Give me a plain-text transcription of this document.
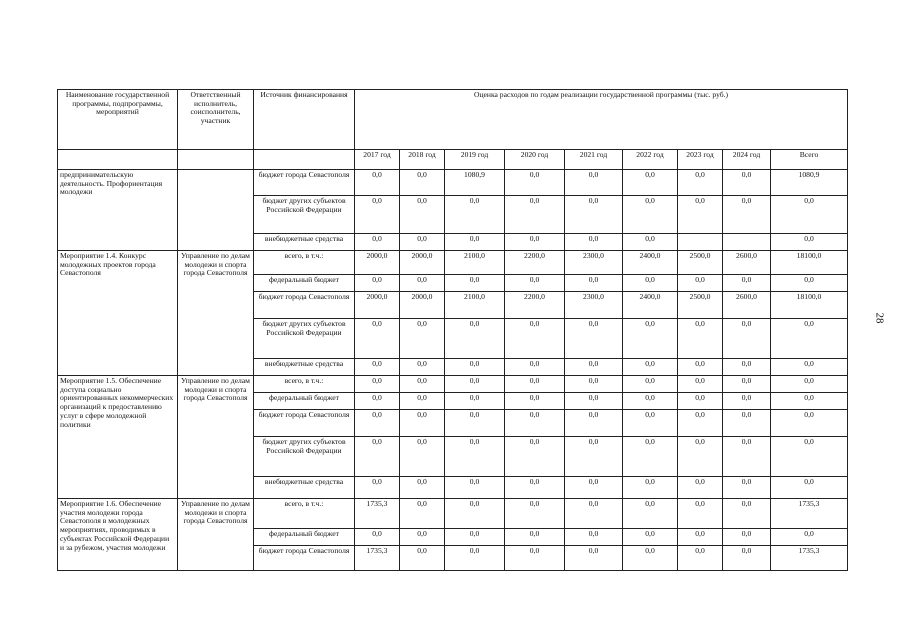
Наименование государственной программы, подпрограммы, мероприятий	Ответственный исполнитель, соисполнитель, участник	Источник финансирования	Оценка расходов по годам реализации государственной программы (тыс. руб.)								
			2017 год	2018 год	2019 год	2020 год	2021 год	2022 год	2023 год	2024 год	Всего
предпринимательскую деятельность. Профориентация молодежи		бюджет города Севастополя	0,0	0,0	1080,9	0,0	0,0	0,0	0,0	0,0	1080,9
		бюджет других субъектов Российской Федерации	0,0	0,0	0,0	0,0	0,0	0,0	0,0	0,0	0,0
		внебюджетные средства	0,0	0,0	0,0	0,0	0,0	0,0			0,0
Мероприятие 1.4. Конкурс молодежных проектов города Севастополя	Управление по делам молодежи и спорта города Севастополя	всего, в т.ч.:	2000,0	2000,0	2100,0	2200,0	2300,0	2400,0	2500,0	2600,0	18100,0
		федеральный бюджет	0,0	0,0	0,0	0,0	0,0	0,0	0,0	0,0	0,0
		бюджет города Севастополя	2000,0	2000,0	2100,0	2200,0	2300,0	2400,0	2500,0	2600,0	18100,0
		бюджет других субъектов Российской Федерации	0,0	0,0	0,0	0,0	0,0	0,0	0,0	0,0	0,0
		внебюджетные средства	0,0	0,0	0,0	0,0	0,0	0,0	0,0	0,0	0,0
Мероприятие 1.5. Обеспечение доступа социально ориентированных некоммерческих организаций к предоставлению услуг в сфере молодежной политики	Управление по делам молодежи и спорта города Севастополя	всего, в т.ч.:	0,0	0,0	0,0	0,0	0,0	0,0	0,0	0,0	0,0
		федеральный бюджет	0,0	0,0	0,0	0,0	0,0	0,0	0,0	0,0	0,0
		бюджет города Севастополя	0,0	0,0	0,0	0,0	0,0	0,0	0,0	0,0	0,0
		бюджет других субъектов Российской Федерации	0,0	0,0	0,0	0,0	0,0	0,0	0,0	0,0	0,0
		внебюджетные средства	0,0	0,0	0,0	0,0	0,0	0,0	0,0	0,0	0,0
Мероприятие 1.6. Обеспечение участия молодежи города Севастополя в молодежных мероприятиях, проводимых в субъектах Российской Федерации и за рубежом, участия молодежи	Управление по делам молодежи и спорта города Севастополя	всего, в т.ч.:	1735,3	0,0	0,0	0,0	0,0	0,0	0,0	0,0	1735,3
		федеральный бюджет	0,0	0,0	0,0	0,0	0,0	0,0	0,0	0,0	0,0
		бюджет города Севастополя	1735,3	0,0	0,0	0,0	0,0	0,0	0,0	0,0	1735,3
28
